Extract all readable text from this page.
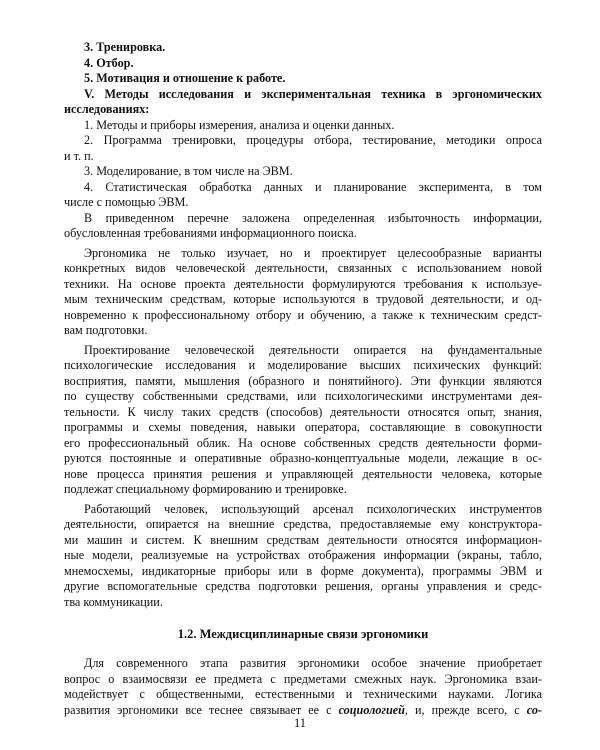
3. Тренировка.
4. Отбор.
5. Мотивация и отношение к работе.
V. Методы исследования и экспериментальная техника в эргономических
исследованиях:
1. Методы и приборы измерения, анализа и оценки данных.
2. Программа тренировки, процедуры отбора, тестирование, методики опроса
и т. п.
3. Моделирование, в том числе на ЭВМ.
4. Статистическая обработка данных и планирование эксперимента, в том
числе с помощью ЭВМ.
В приведенном перечне заложена определенная избыточность информации,
обусловленная требованиями информационного поиска.
Эргономика не только изучает, но и проектирует целесообразные варианты
конкретных видов человеческой деятельности, связанных с использованием новой
техники. На основе проекта деятельности формулируются требования к используе-
мым техническим средствам, которые используются в трудовой деятельности, и од-
новременно к профессиональному отбору и обучению, а также к техническим средст-
вам подготовки.
Проектирование человеческой деятельности опирается на фундаментальные
психологические исследования и моделирование высших психических функций:
восприятия, памяти, мышления (образного и понятийного). Эти функции являются
по существу собственными средствами, или психологическими инструментами дея-
тельности. К числу таких средств (способов) деятельности относятся опыт, знания,
программы и схемы поведения, навыки оператора, составляющие в совокупности
его профессиональный облик. На основе собственных средств деятельности форми-
руются постоянные и оперативные образно-концептуальные модели, лежащие в ос-
нове процесса принятия решения и управляющей деятельности человека, которые
подлежат специальному формированию и тренировке.
Работающий человек, использующий арсенал психологических инструментов
деятельности, опирается на внешние средства, предоставляемые ему конструктора-
ми машин и систем. К внешним средствам деятельности относятся информацион-
ные модели, реализуемые на устройствах отображения информации (экраны, табло,
мнемосхемы, индикаторные приборы или в форме документа), программы ЭВМ и
другие вспомогательные средства подготовки решения, органы управления и средс-
тва коммуникации.
1.2. Междисциплинарные связи эргономики
Для современного этапа развития эргономики особое значение приобретает
вопрос о взаимосвязи ее предмета с предметами смежных наук. Эргономика взаи-
модействует с общественными, естественными и техническими науками. Логика
развития эргономики все теснее связывает ее с социологией, и, прежде всего, с со-
11
